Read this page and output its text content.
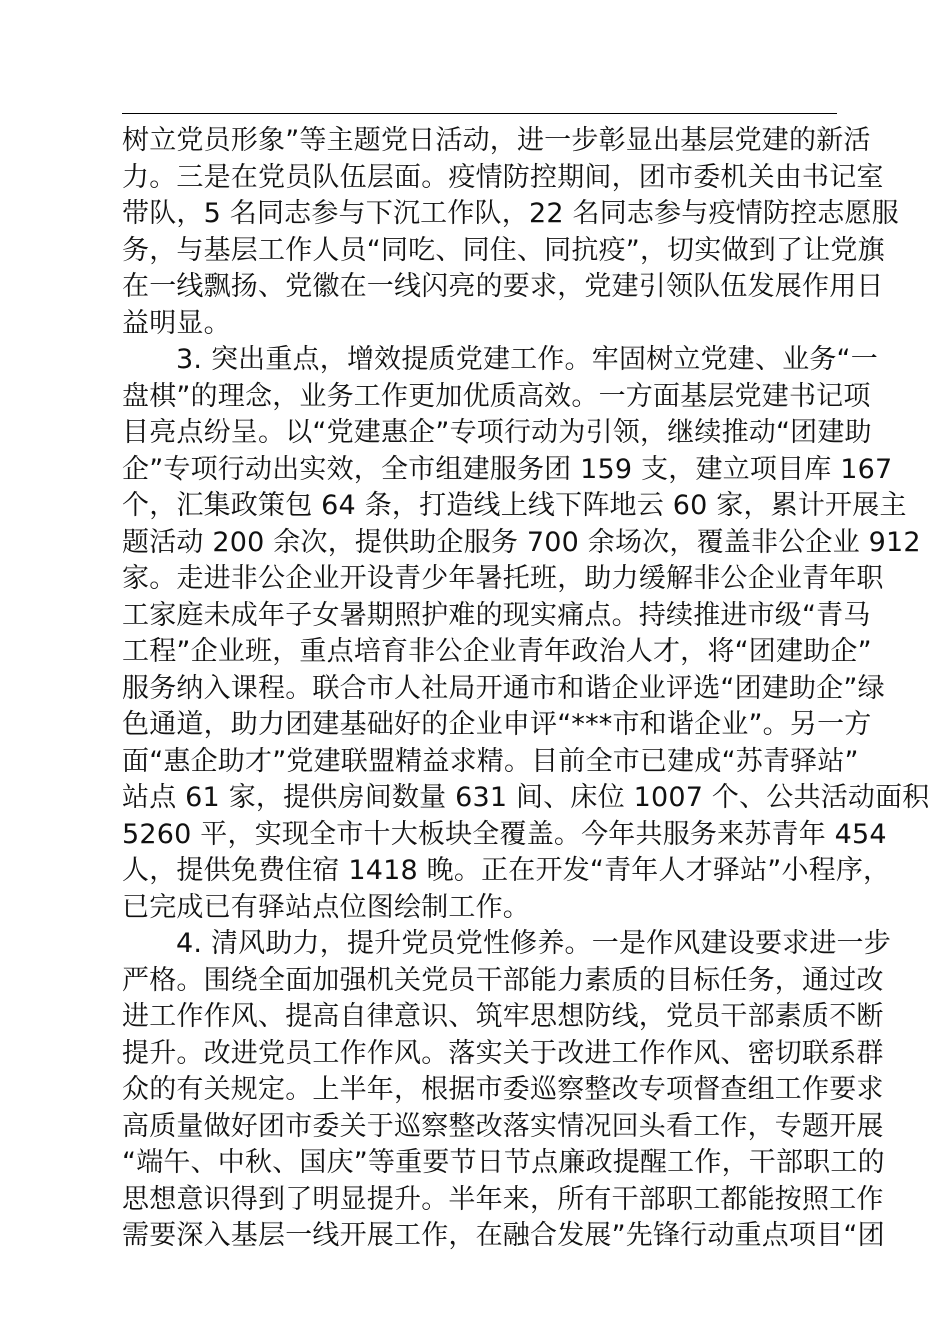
树立党员形象”等主题党日活动，进一步彰显出基层党建的新活
力。三是在党员队伍层面。疫情防控期间，团市委机关由书记室
带队，5 名同志参与下沉工作队，22 名同志参与疫情防控志愿服
务，与基层工作人员“同吃、同住、同抗疫”，切实做到了让党旗
在一线飘扬、党徽在一线闪亮的要求，党建引领队伍发展作用日
益明显。
3. 突出重点，增效提质党建工作。牢固树立党建、业务“一
盘棋”的理念，业务工作更加优质高效。一方面基层党建书记项
目亮点纷呈。以“党建惠企”专项行动为引领，继续推动“团建助
企”专项行动出实效，全市组建服务团 159 支，建立项目库 167
个，汇集政策包 64 条，打造线上线下阵地云 60 家，累计开展主
题活动 200 余次，提供助企服务 700 余场次，覆盖非公企业 912
家。走进非公企业开设青少年暑托班，助力缓解非公企业青年职
工家庭未成年子女暑期照护难的现实痛点。持续推进市级“青马
工程”企业班，重点培育非公企业青年政治人才，将“团建助企”
服务纳入课程。联合市人社局开通市和谐企业评选“团建助企”绿
色通道，助力团建基础好的企业申评“***市和谐企业”。另一方
面“惠企助才”党建联盟精益求精。目前全市已建成“苏青驿站”
站点 61 家，提供房间数量 631 间、床位 1007 个、公共活动面积
5260 平，实现全市十大板块全覆盖。今年共服务来苏青年 454
人，提供免费住宿 1418 晚。正在开发“青年人才驿站”小程序，
已完成已有驿站点位图绘制工作。
4. 清风助力，提升党员党性修养。一是作风建设要求进一步
严格。围绕全面加强机关党员干部能力素质的目标任务，通过改
进工作作风、提高自律意识、筑牢思想防线，党员干部素质不断
提升。改进党员工作作风。落实关于改进工作作风、密切联系群
众的有关规定。上半年，根据市委巡察整改专项督查组工作要求
高质量做好团市委关于巡察整改落实情况回头看工作，专题开展
“端午、中秋、国庆”等重要节日节点廉政提醒工作，干部职工的
思想意识得到了明显提升。半年来，所有干部职工都能按照工作
需要深入基层一线开展工作，在融合发展”先锋行动重点项目“团
